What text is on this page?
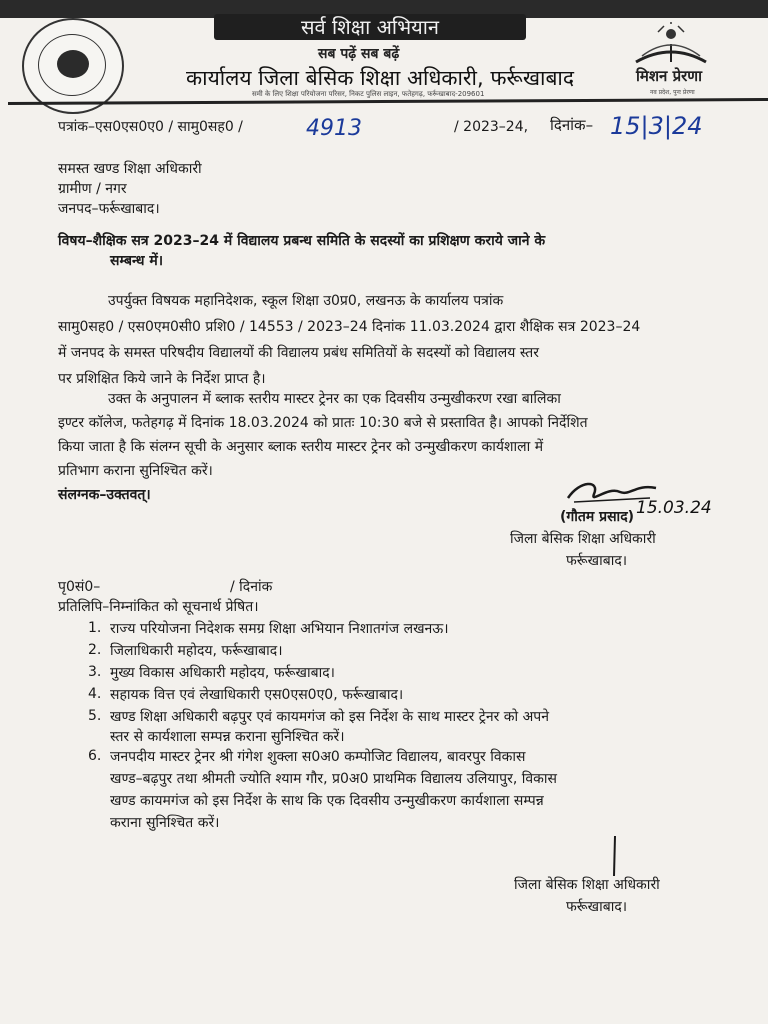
सर्व शिक्षा अभियान
सब पढ़ें सब बढ़ें
कार्यालय जिला बेसिक शिक्षा अधिकारी, फर्रूखाबाद
समी के लिए शिक्षा परियोजना परिसर, निकट पुलिस लाइन, फतेहगढ़, फर्रूखाबाद-209601
मिशन प्रेरणा
नव प्रदेश, पुनः प्रेरणा
पत्रांक–एस0एस0ए0 / सामु0सह0 /	4913	/ 2023–24, दिनांक– 15|3|24
समस्त खण्ड शिक्षा अधिकारी
ग्रामीण / नगर
जनपद–फर्रूखाबाद।
विषय–शैक्षिक सत्र 2023–24 में विद्यालय प्रबन्ध समिति के सदस्यों का प्रशिक्षण कराये जाने के
सम्बन्ध में।
उपर्युक्त विषयक महानिदेशक, स्कूल शिक्षा उ0प्र0, लखनऊ के कार्यालय पत्रांक
सामु0सह0 / एस0एम0सी0 प्रशि0 / 14553 / 2023–24 दिनांक 11.03.2024 द्वारा शैक्षिक सत्र 2023–24
में जनपद के समस्त परिषदीय विद्यालयों की विद्यालय प्रबंध समितियों के सदस्यों को विद्यालय स्तर
पर प्रशिक्षित किये जाने के निर्देश प्राप्त है।
उक्त के अनुपालन में ब्लाक स्तरीय मास्टर ट्रेनर का एक दिवसीय उन्मुखीकरण रखा बालिका
इण्टर कॉलेज, फतेहगढ़ में दिनांक 18.03.2024 को प्रातः 10:30 बजे से प्रस्तावित है। आपको निर्देशित
किया जाता है कि संलग्न सूची के अनुसार ब्लाक स्तरीय मास्टर ट्रेनर को उन्मुखीकरण कार्यशाला में
प्रतिभाग कराना सुनिश्चित करें।
संलग्नक–उक्तवत्।
15.03.24
(गौतम प्रसाद)
जिला बेसिक शिक्षा अधिकारी
फर्रूखाबाद।
पृ0सं0–	/ दिनांक
प्रतिलिपि–निम्नांकित को सूचनार्थ प्रेषित।
1. राज्य परियोजना निदेशक समग्र शिक्षा अभियान निशातगंज लखनऊ।
2. जिलाधिकारी महोदय, फर्रूखाबाद।
3. मुख्य विकास अधिकारी महोदय, फर्रूखाबाद।
4. सहायक वित्त एवं लेखाधिकारी एस0एस0ए0, फर्रूखाबाद।
5. खण्ड शिक्षा अधिकारी बढ़पुर एवं कायमगंज को इस निर्देश के साथ मास्टर ट्रेनर को अपने
स्तर से कार्यशाला सम्पन्न कराना सुनिश्चित करें।
6. जनपदीय मास्टर ट्रेनर श्री गंगेश शुक्ला स0अ0 कम्पोजिट विद्यालय, बावरपुर विकास
खण्ड–बढ़पुर तथा श्रीमती ज्योति श्याम गौर, प्र0अ0 प्राथमिक विद्यालय उलियापुर, विकास
खण्ड कायमगंज को इस निर्देश के साथ कि एक दिवसीय उन्मुखीकरण कार्यशाला सम्पन्न
कराना सुनिश्चित करें।
जिला बेसिक शिक्षा अधिकारी
फर्रूखाबाद।
